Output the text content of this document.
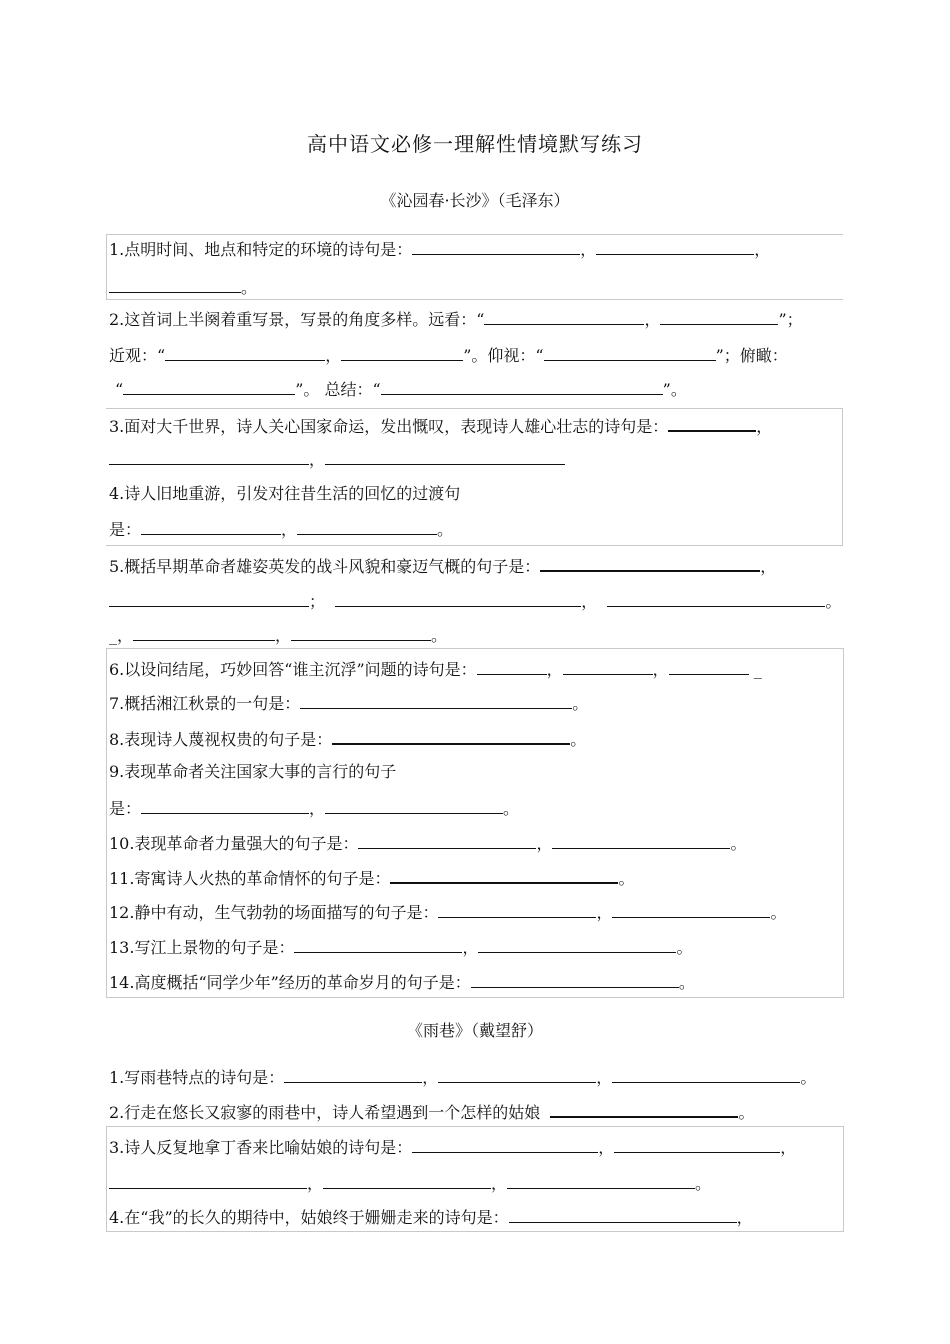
高中语文必修一理解性情境默写练习
《沁园春·长沙》（毛泽东）
1.点明时间、地点和特定的环境的诗句是：	，	，
。
2.这首词上半阕着重写景，写景的角度多样。远看：“	，	”；
近观：“	，	”。仰视：“	”；俯瞰：
“	”。 总结：“	”。
3.面对大千世界，诗人关心国家命运，发出慨叹，表现诗人雄心壮志的诗句是：	，
，
4.诗人旧地重游，引发对往昔生活的回忆的过渡句
是：	，	。
5.概括早期革命者雄姿英发的战斗风貌和豪迈气概的句子是：	，
；	，	。
_，	，	。
6.以设问结尾，巧妙回答“谁主沉浮”问题的诗句是：	，	，	_
7.概括湘江秋景的一句是：	。
8.表现诗人蔑视权贵的句子是：	。
9.表现革命者关注国家大事的言行的句子
是：	，	。
10.表现革命者力量强大的句子是：	，	。
11.寄寓诗人火热的革命情怀的句子是：	。
12.静中有动，生气勃勃的场面描写的句子是：	，	。
13.写江上景物的句子是：	，	。
14.高度概括“同学少年”经历的革命岁月的句子是：	。
《雨巷》（戴望舒）
1.写雨巷特点的诗句是：	，	，	。
2.行走在悠长又寂寥的雨巷中，诗人希望遇到一个怎样的姑娘	。
3.诗人反复地拿丁香来比喻姑娘的诗句是：	，	，
，	，	。
4.在“我”的长久的期待中，姑娘终于姗姗走来的诗句是：	，
